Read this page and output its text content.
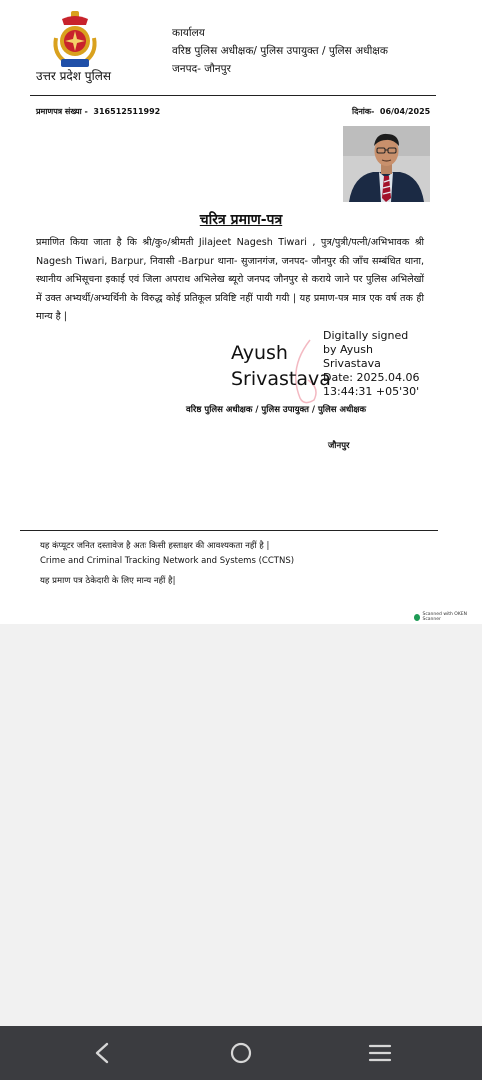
उत्तर प्रदेश पुलिस
कार्यालय
वरिष्ठ पुलिस अधीक्षक/ पुलिस उपायुक्त / पुलिस अधीक्षक
जनपद- जौनपुर
प्रमाणपत्र संख्या - 316512511992	दिनांक- 06/04/2025
चरित्र प्रमाण-पत्र
प्रमाणित किया जाता है कि श्री/कु०/श्रीमती Jilajeet Nagesh Tiwari , पुत्र/पुत्री/पत्नी/अभिभावक श्री Nagesh Tiwari, Barpur, निवासी -Barpur थाना- सुजानगंज, जनपद- जौनपुर की जाँच सम्बंधित थाना, स्थानीय अभिसूचना इकाई एवं जिला अपराध अभिलेख ब्यूरो जनपद जौनपुर से कराये जाने पर पुलिस अभिलेखों में उक्त अभ्यर्थी/अभ्यर्थिनी के विरुद्ध कोई प्रतिकूल प्रविष्टि नहीं पायी गयी | यह प्रमाण-पत्र मात्र एक वर्ष तक ही मान्य है |
Ayush
Srivastava
Digitally signed
by Ayush
Srivastava
Date: 2025.04.06
13:44:31 +05'30'
वरिष्ठ पुलिस अधीक्षक / पुलिस उपायुक्त / पुलिस अधीक्षक
जौनपुर
यह कंप्यूटर जनित दस्तावेज है अतः किसी हस्ताक्षर की आवश्यकता नहीं है |
Crime and Criminal Tracking Network and Systems (CCTNS)
यह प्रमाण पत्र ठेकेदारी के लिए मान्य नहीं है|
Scanned with OKEN Scanner
